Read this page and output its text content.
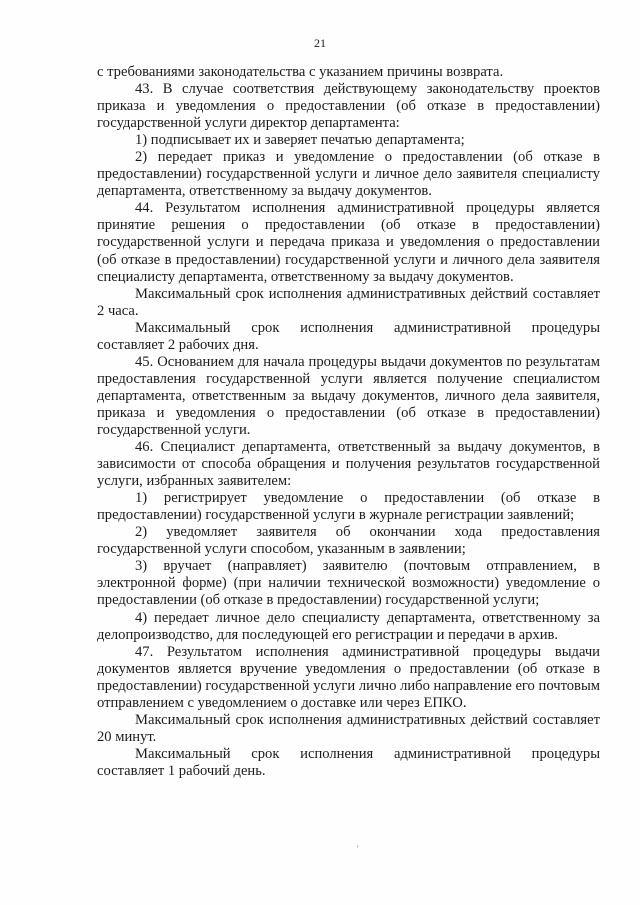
21

с требованиями законодательства с указанием причины возврата.

43. В случае соответствия действующему законодательству проектов приказа и уведомления о предоставлении (об отказе в предоставлении) государственной услуги директор департамента:

1) подписывает их и заверяет печатью департамента;

2) передает приказ и уведомление о предоставлении (об отказе в предоставлении) государственной услуги и личное дело заявителя специалисту департамента, ответственному за выдачу документов.

44. Результатом исполнения административной процедуры является принятие решения о предоставлении (об отказе в предоставлении) государственной услуги и передача приказа и уведомления о предоставлении (об отказе в предоставлении) государственной услуги и личного дела заявителя специалисту департамента, ответственному за выдачу документов.

Максимальный срок исполнения административных действий составляет 2 часа.

Максимальный срок исполнения административной процедуры составляет 2 рабочих дня.

45. Основанием для начала процедуры выдачи документов по результатам предоставления государственной услуги является получение специалистом департамента, ответственным за выдачу документов, личного дела заявителя, приказа и уведомления о предоставлении (об отказе в предоставлении) государственной услуги.

46. Специалист департамента, ответственный за выдачу документов, в зависимости от способа обращения и получения результатов государственной услуги, избранных заявителем:

1) регистрирует уведомление о предоставлении (об отказе в предоставлении) государственной услуги в журнале регистрации заявлений;

2) уведомляет заявителя об окончании хода предоставления государственной услуги способом, указанным в заявлении;

3) вручает (направляет) заявителю (почтовым отправлением, в электронной форме) (при наличии технической возможности) уведомление о предоставлении (об отказе в предоставлении) государственной услуги;

4) передает личное дело специалисту департамента, ответственному за делопроизводство, для последующей его регистрации и передачи в архив.

47. Результатом исполнения административной процедуры выдачи документов является вручение уведомления о предоставлении (об отказе в предоставлении) государственной услуги лично либо направление его почтовым отправлением с уведомлением о доставке или через ЕПКО.

Максимальный срок исполнения административных действий составляет 20 минут.

Максимальный срок исполнения административной процедуры составляет 1 рабочий день.

'
